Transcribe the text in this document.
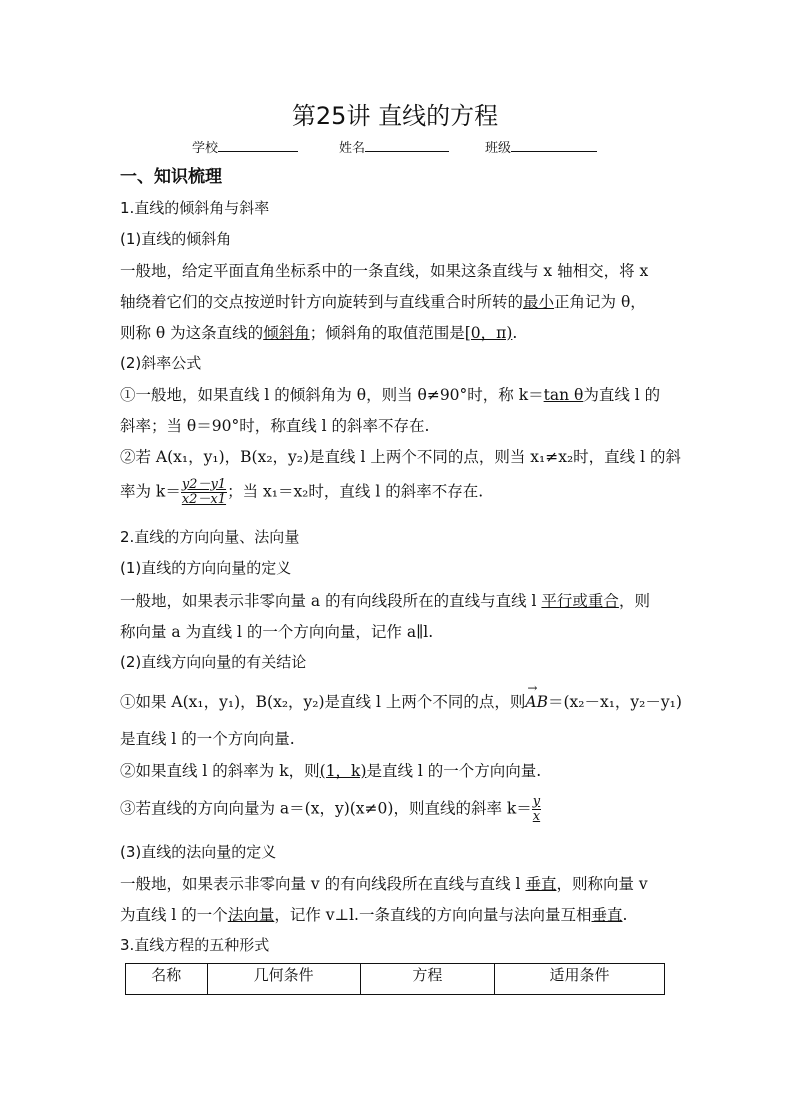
第25讲 直线的方程
学校	姓名	班级
一、知识梳理
1.直线的倾斜角与斜率
(1)直线的倾斜角
一般地，给定平面直角坐标系中的一条直线，如果这条直线与 x 轴相交，将 x
轴绕着它们的交点按逆时针方向旋转到与直线重合时所转的最小正角记为 θ，
则称 θ 为这条直线的倾斜角；倾斜角的取值范围是[0，π).
(2)斜率公式
①一般地，如果直线 l 的倾斜角为 θ，则当 θ≠90°时，称 k＝tan θ为直线 l 的
斜率；当 θ＝90°时，称直线 l 的斜率不存在.
②若 A(x₁，y₁)，B(x₂，y₂)是直线 l 上两个不同的点，则当 x₁≠x₂时，直线 l 的斜
率为 $k= \frac{y2-y1}{x2-x1}$ ；当 x₁＝x₂时，直线 l 的斜率不存在.
2.直线的方向向量、法向量
(1)直线的方向向量的定义
一般地，如果表示非零向量 a 的有向线段所在的直线与直线 l 平行或重合，则
称向量 a 为直线 l 的一个方向向量，记作 a∥l.
(2)直线方向向量的有关结论
①如果 A(x₁，y₁)，B(x₂，y₂)是直线 l 上两个不同的点，则→ AB＝(x₂－x₁，y₂－y₁)
是直线 l 的一个方向向量.
②如果直线 l 的斜率为 k，则(1，k)是直线 l 的一个方向向量.
③若直线的方向向量为 a＝(x，y)(x≠0)，则直线的斜率 $k= \frac{y}{x}$
(3)直线的法向量的定义
一般地，如果表示非零向量 v 的有向线段所在直线与直线 l 垂直，则称向量 v
为直线 l 的一个法向量，记作 v⊥l.一条直线的方向向量与法向量互相垂直.
3.直线方程的五种形式
名称	几何条件	方程	适用条件
